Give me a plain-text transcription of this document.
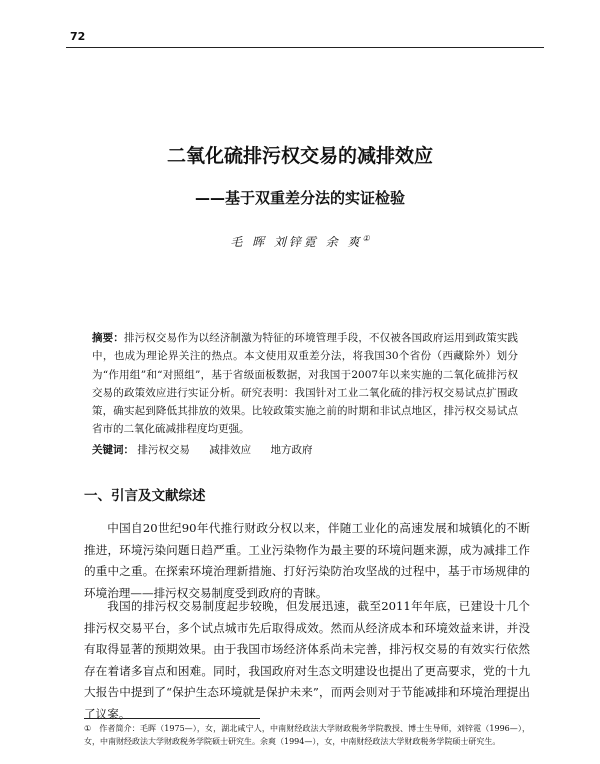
72
二氧化硫排污权交易的减排效应
——基于双重差分法的实证检验
毛 晖 刘锌霓 余 爽①
摘要：排污权交易作为以经济制激为特征的环境管理手段，不仅被各国政府运用到政策实践中，也成为理论界关注的热点。本文使用双重差分法，将我国30个省份（西藏除外）划分为“作用组”和“对照组”，基于省级面板数据，对我国于2007年以来实施的二氧化硫排污权交易的政策效应进行实证分析。研究表明：我国针对工业二氧化硫的排污权交易试点扩围政策，确实起到降低其排放的效果。比较政策实施之前的时期和非试点地区，排污权交易试点省市的二氧化硫减排程度均更强。
关键词： 排污权交易 减排效应 地方政府
一、引言及文献综述
中国自20世纪90年代推行财政分权以来，伴随工业化的高速发展和城镇化的不断推进，环境污染问题日趋严重。工业污染物作为最主要的环境问题来源，成为减排工作的重中之重。在探索环境治理新措施、打好污染防治攻坚战的过程中，基于市场规律的环境治理——排污权交易制度受到政府的青睐。
我国的排污权交易制度起步较晚，但发展迅速，截至2011年年底，已建设十几个排污权交易平台，多个试点城市先后取得成效。然而从经济成本和环境效益来讲，并没有取得显著的预期效果。由于我国市场经济体系尚未完善，排污权交易的有效实行依然存在着诸多盲点和困难。同时，我国政府对生态文明建设也提出了更高要求，党的十九大报告中提到了“保护生态环境就是保护未来”，而两会则对于节能减排和环境治理提出了议案。
① 作者简介：毛晖（1975—），女，湖北咸宁人，中南财经政法大学财政税务学院教授、博士生导师，刘锌霓（1996—），女，中南财经政法大学财政税务学院硕士研究生。余爽（1994—），女，中南财经政法大学财政税务学院硕士研究生。
